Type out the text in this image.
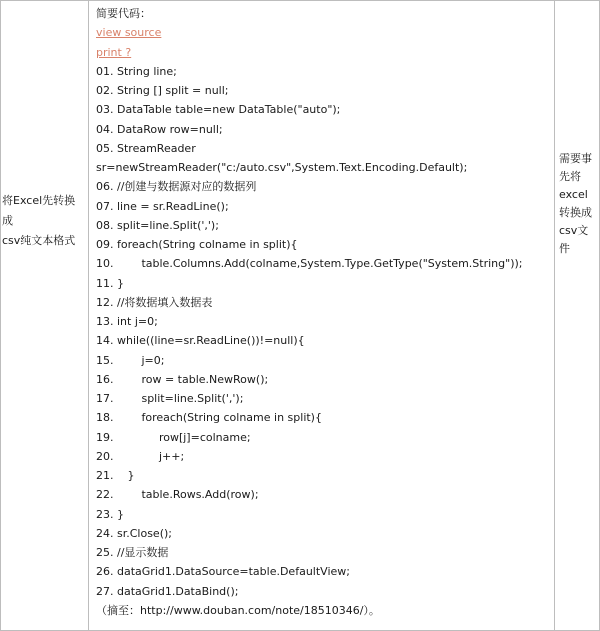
将Excel先转换成
csv纯文本格式
简要代码：
view source
print ?
01. String line;
02. String [] split = null;
03. DataTable table=new DataTable("auto");
04. DataRow row=null;
05. StreamReader
sr=newStreamReader("c:/auto.csv",System.Text.Encoding.Default);
06. //创建与数据源对应的数据列
07. line = sr.ReadLine();
08. split=line.Split(',');
09. foreach(String colname in split){
10.        table.Columns.Add(colname,System.Type.GetType("System.String"));
11. }
12. //将数据填入数据表
13. int j=0;
14. while((line=sr.ReadLine())!=null){
15.        j=0;
16.        row = table.NewRow();
17.        split=line.Split(',');
18.        foreach(String colname in split){
19.             row[j]=colname;
20.             j++;
21.    }
22.        table.Rows.Add(row);
23. }
24. sr.Close();
25. //显示数据
26. dataGrid1.DataSource=table.DefaultView;
27. dataGrid1.DataBind();
（摘至：http://www.douban.com/note/18510346/）。
需要事
先将
excel
转换成
csv文
件
